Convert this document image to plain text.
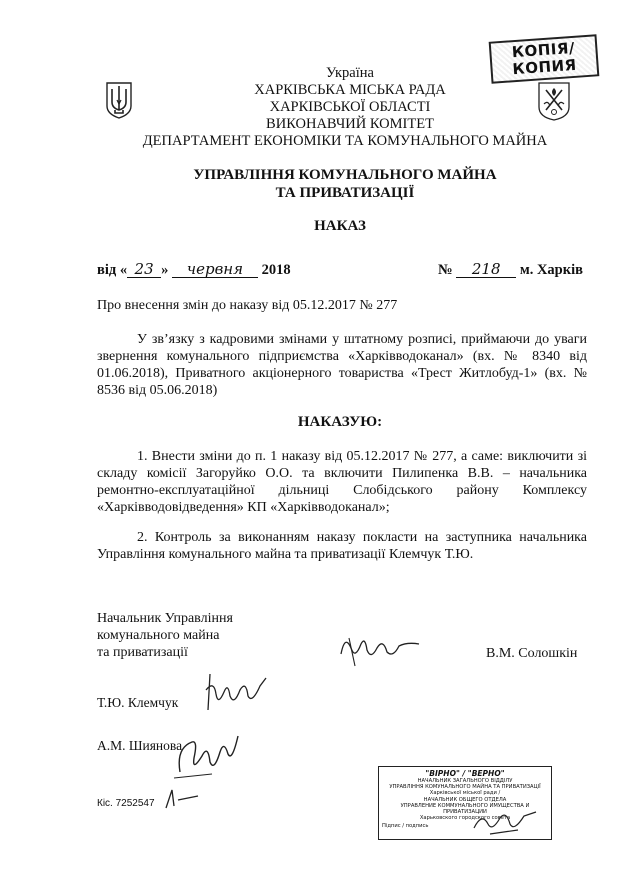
КОПІЯ/
КОПИЯ
Україна
ХАРКІВСЬКА МІСЬКА РАДА
ХАРКІВСЬКОЇ ОБЛАСТІ
ВИКОНАВЧИЙ КОМІТЕТ
ДЕПАРТАМЕНТ ЕКОНОМІКИ ТА КОМУНАЛЬНОГО МАЙНА
УПРАВЛІННЯ КОМУНАЛЬНОГО МАЙНА
ТА ПРИВАТИЗАЦІЇ
НАКАЗ
від « 23 » червня 2018	№ 218 м. Харків
Про внесення змін до наказу від 05.12.2017 № 277
У зв’язку з кадровими змінами у штатному розписі, приймаючи до уваги звернення комунального підприємства «Харківводоканал» (вх. № 8340 від 01.06.2018), Приватного акціонерного товариства «Трест Житлобуд-1» (вх. № 8536 від 05.06.2018)
НАКАЗУЮ:
1. Внести зміни до п. 1 наказу від 05.12.2017 № 277, а саме: виключити зі складу комісії Загоруйко О.О. та включити Пилипенка В.В. – начальника ремонтно-експлуатаційної дільниці Слобідського району Комплексу «Харківводовідведення» КП «Харківводоканал»;
2. Контроль за виконанням наказу покласти на заступника начальника Управління комунального майна та приватизації Клемчук Т.Ю.
Начальник Управління
комунального майна
та приватизації	В.М. Солошкін
Т.Ю. Клемчук
А.М. Шиянова
Кіс. 7252547
"ВІРНО" / "ВЕРНО"
НАЧАЛЬНИК ЗАГАЛЬНОГО ВІДДІЛУ
УПРАВЛІННЯ КОМУНАЛЬНОГО МАЙНА ТА ПРИВАТИЗАЦІЇ
Харківської міської ради /
НАЧАЛЬНИК ОБЩЕГО ОТДЕЛА
УПРАВЛЕНИЕ КОММУНАЛЬНОГО ИМУЩЕСТВА И ПРИВАТИЗАЦИИ
Харьковского городского совета
Підпис / подпись
